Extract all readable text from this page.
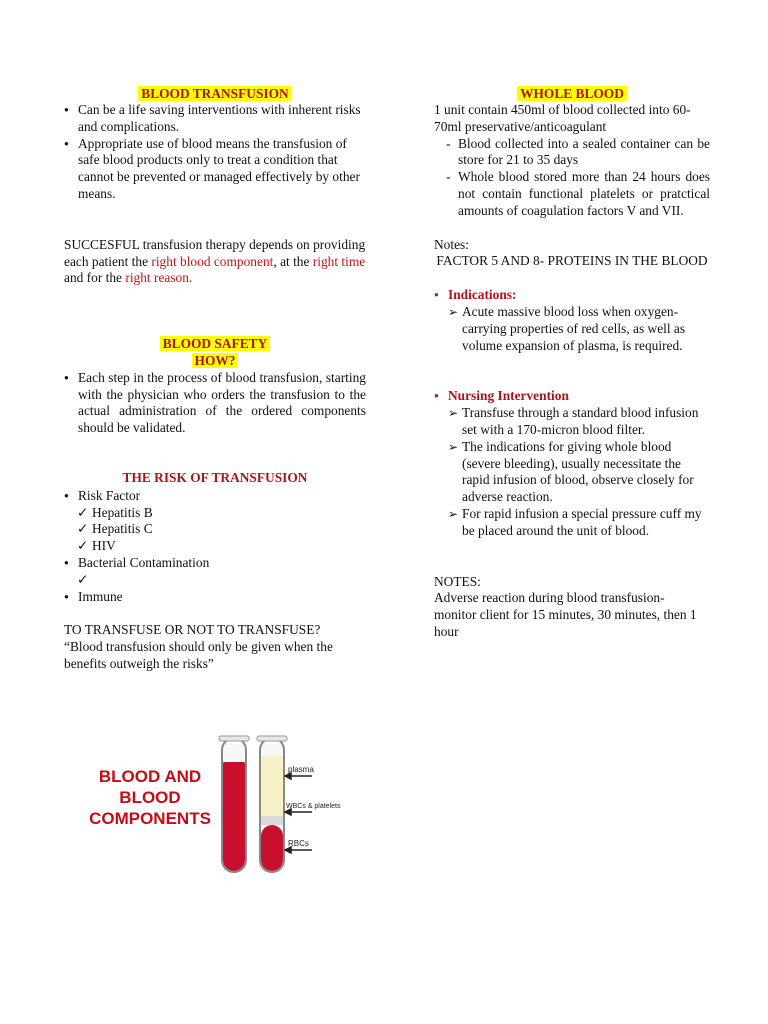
BLOOD TRANSFUSION
● Can be a life saving interventions with inherent risks and complications.
● Appropriate use of blood means the transfusion of safe blood products only to treat a condition that cannot be prevented or managed effectively by other means.

SUCCESFUL transfusion therapy depends on providing each patient the right blood component, at the right time and for the right reason.

BLOOD SAFETY
HOW?
● Each step in the process of blood transfusion, starting with the physician who orders the transfusion to the actual administration of the ordered components should be validated.
THE RISK OF TRANSFUSION
● Risk Factor
✓ Hepatitis B
✓ Hepatitis C
✓ HIV
● Bacterial Contamination
✓
● Immune

TO TRANSFUSE OR NOT TO TRANSFUSE?

“Blood transfusion should only be given when the benefits outweigh the risks”

BLOOD AND BLOOD COMPONENTS
plasma
WBCs & platelets
RBCs
WHOLE BLOOD

1 unit contain 450ml of blood collected into 60-70ml preservative/anticoagulant

- Blood collected into a sealed container can be store for 21 to 35 days
- Whole blood stored more than 24 hours does not contain functional platelets or pratctical amounts of coagulation factors V and VII.

Notes:

FACTOR 5 AND 8- PROTEINS IN THE BLOOD

● Indications:
➢ Acute massive blood loss when oxygen-carrying properties of red cells, as well as volume expansion of plasma, is required.
● Nursing Intervention
➢ Transfuse through a standard blood infusion set with a 170-micron blood filter.
➢ The indications for giving whole blood (severe bleeding), usually necessitate the rapid infusion of blood, observe closely for adverse reaction.
➢ For rapid infusion a special pressure cuff my be placed around the unit of blood.

NOTES:

Adverse reaction during blood transfusion- monitor client for 15 minutes, 30 minutes, then 1 hour
